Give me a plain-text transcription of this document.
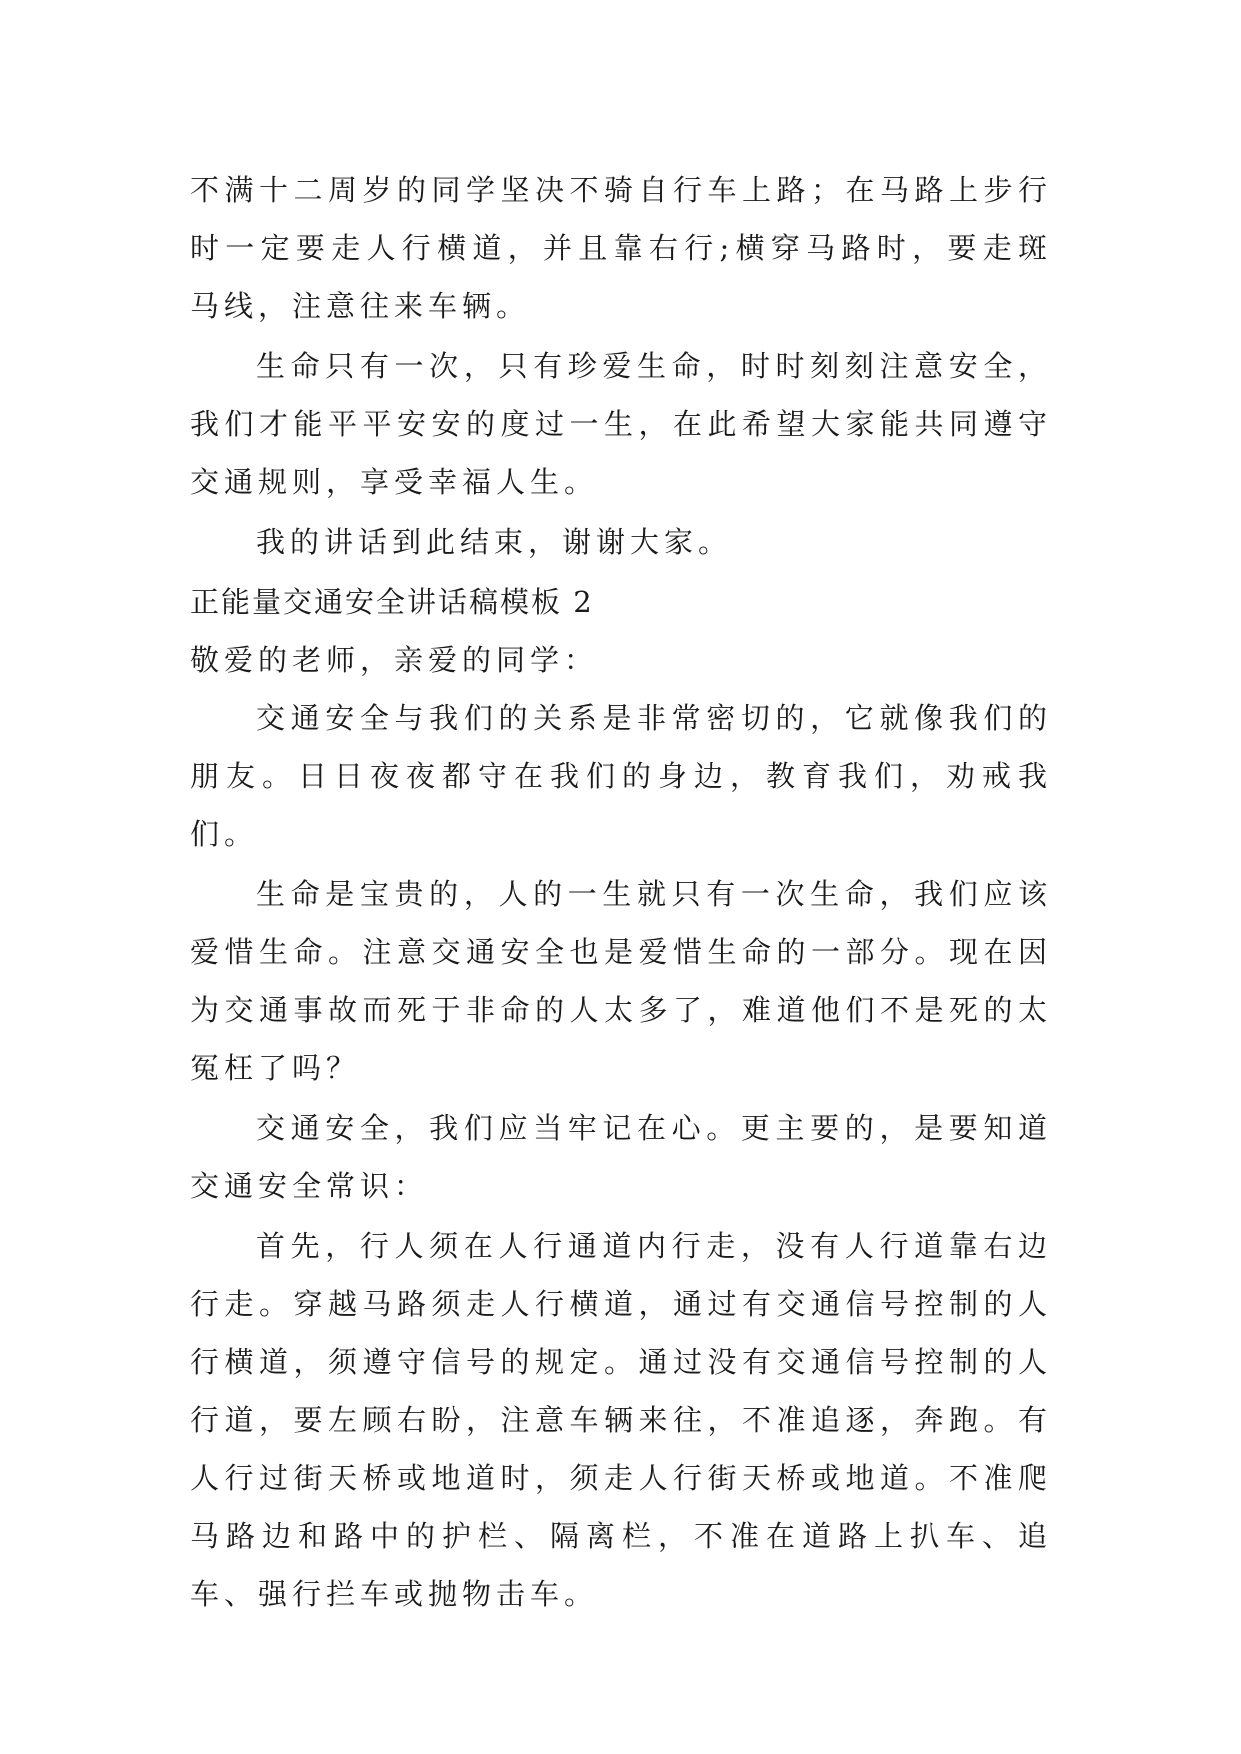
不满十二周岁的同学坚决不骑自行车上路；在马路上步行时一定要走人行横道，并且靠右行;横穿马路时，要走斑马线，注意往来车辆。

生命只有一次，只有珍爱生命，时时刻刻注意安全，我们才能平平安安的度过一生，在此希望大家能共同遵守交通规则，享受幸福人生。

我的讲话到此结束，谢谢大家。

正能量交通安全讲话稿模板 2

敬爱的老师，亲爱的同学：

交通安全与我们的关系是非常密切的，它就像我们的朋友。日日夜夜都守在我们的身边，教育我们，劝戒我们。

生命是宝贵的，人的一生就只有一次生命，我们应该爱惜生命。注意交通安全也是爱惜生命的一部分。现在因为交通事故而死于非命的人太多了，难道他们不是死的太冤枉了吗？

交通安全，我们应当牢记在心。更主要的，是要知道交通安全常识：

首先，行人须在人行通道内行走，没有人行道靠右边行走。穿越马路须走人行横道，通过有交通信号控制的人行横道，须遵守信号的规定。通过没有交通信号控制的人行道，要左顾右盼，注意车辆来往，不准追逐，奔跑。有人行过街天桥或地道时，须走人行街天桥或地道。不准爬马路边和路中的护栏、隔离栏，不准在道路上扒车、追车、强行拦车或抛物击车。
